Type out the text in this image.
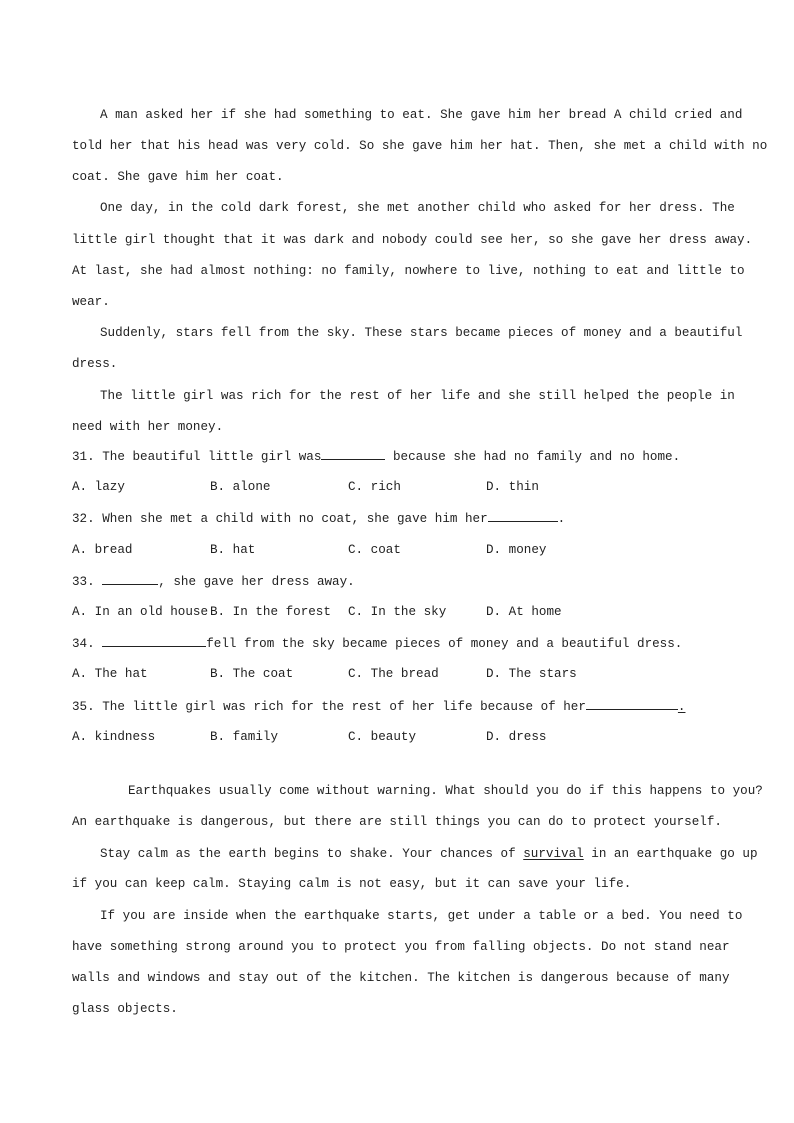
A man asked her if she had something to eat. She gave him her bread A child cried and
told her that his head was very cold. So she gave him her hat. Then, she met a child with no
coat. She gave him her coat.
One day, in the cold dark forest, she met another child who asked for her dress. The
little girl thought that it was dark and nobody could see her, so she gave her dress away.
At last, she had almost nothing: no family, nowhere to live, nothing to eat and little to
wear.
Suddenly, stars fell from the sky. These stars became pieces of money and a beautiful
dress.
The little girl was rich for the rest of her life and she still helped the people in
need with her money.
31. The beautiful little girl was	because she had no family and no home.
A. lazy	B. alone	C. rich	D. thin
32. When she met a child with no coat, she gave him her	.
A. bread	B. hat	C. coat	D. money
33.	, she gave her dress away.
A. In an old house B. In the forest C. In the sky	D. At home
34.	fell from the sky became pieces of money and a beautiful dress.
A. The hat	B. The coat	C. The bread	D. The stars
35. The little girl was rich for the rest of her life because of her	.
A. kindness	B. family	C. beauty	D. dress
Earthquakes usually come without warning. What should you do if this happens to you?
An earthquake is dangerous, but there are still things you can do to protect yourself.
Stay calm as the earth begins to shake. Your chances of survival in an earthquake go up
if you can keep calm. Staying calm is not easy, but it can save your life.
If you are inside when the earthquake starts, get under a table or a bed. You need to
have something strong around you to protect you from falling objects. Do not stand near
walls and windows and stay out of the kitchen. The kitchen is dangerous because of many
glass objects.
